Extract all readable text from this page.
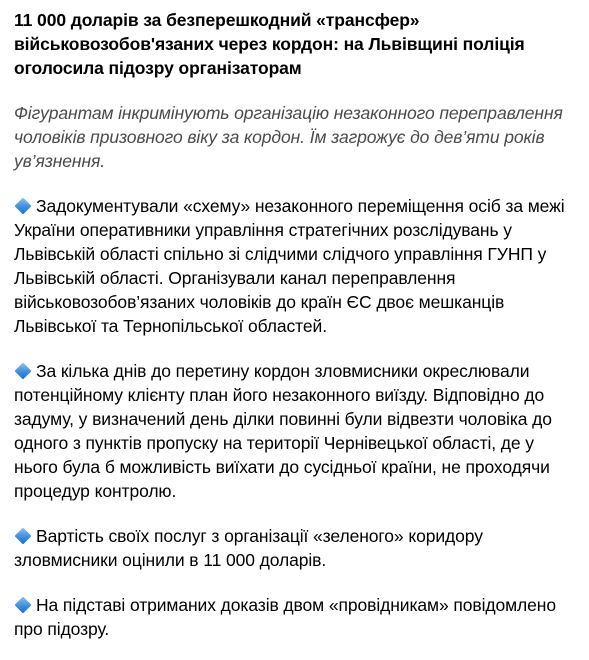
11 000 доларів за безперешкодний «трансфер» військовозобов'язаних через кордон: на Львівщині поліція оголосила підозру організаторам
Фігурантам інкримінують організацію незаконного переправлення чоловіків призовного віку за кордон. Їм загрожує до дев’яти років ув’язнення.
Задокументували «схему» незаконного переміщення осіб за межі України оперативники управління стратегічних розслідувань у Львівській області спільно зі слідчими слідчого управління ГУНП у Львівській області. Організували канал переправлення військовозобов’язаних чоловіків до країн ЄС двоє мешканців Львівської та Тернопільської областей.
За кілька днів до перетину кордон зловмисники окреслювали потенційному клієнту план його незаконного виїзду. Відповідно до задуму, у визначений день ділки повинні були відвезти чоловіка до одного з пунктів пропуску на території Чернівецької області, де у нього була б можливість виїхати до сусідньої країни, не проходячи процедур контролю.
Вартість своїх послуг з організації «зеленого» коридору зловмисники оцінили в 11 000 доларів.
На підставі отриманих доказів двом «провідникам» повідомлено про підозру.
